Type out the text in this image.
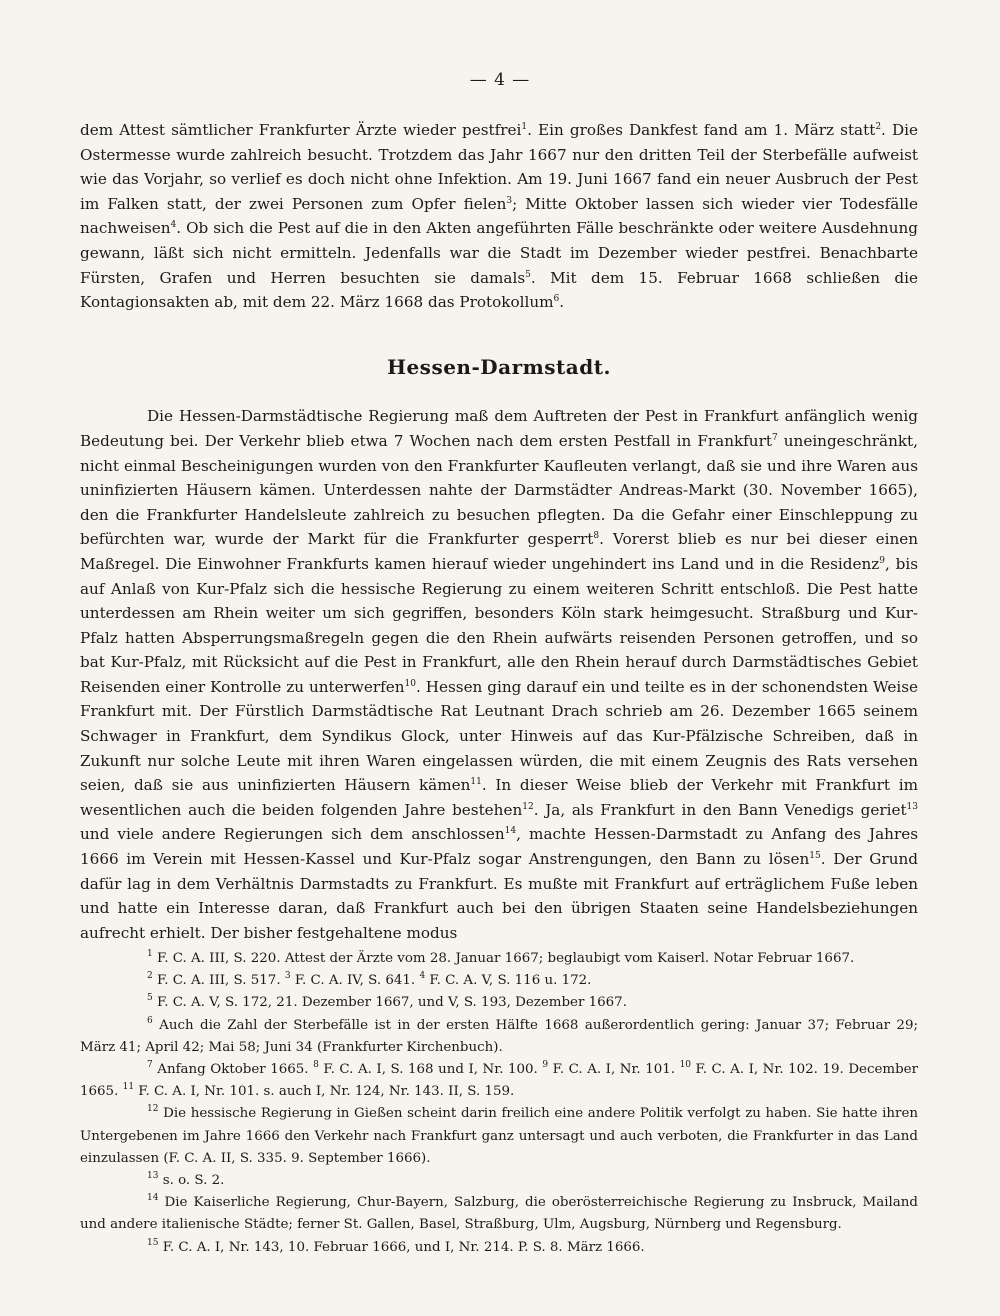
— 4 —

dem Attest sämtlicher Frankfurter Ärzte wieder pestfrei$^1$. Ein großes Dankfest fand am 1. März statt$^2$. Die Ostermesse wurde zahlreich besucht. Trotzdem das Jahr 1667 nur den dritten Teil der Sterbefälle aufweist wie das Vorjahr, so verlief es doch nicht ohne Infektion. Am 19. Juni 1667 fand ein neuer Ausbruch der Pest im Falken statt, der zwei Personen zum Opfer fielen$^3$; Mitte Oktober lassen sich wieder vier Todesfälle nachweisen$^4$. Ob sich die Pest auf die in den Akten angeführten Fälle beschränkte oder weitere Ausdehnung gewann, läßt sich nicht ermitteln. Jedenfalls war die Stadt im Dezember wieder pestfrei. Benachbarte Fürsten, Grafen und Herren besuchten sie damals$^5$. Mit dem 15. Februar 1668 schließen die Kontagionsakten ab, mit dem 22. März 1668 das Protokollum$^6$.

Hessen-Darmstadt.

Die Hessen-Darmstädtische Regierung maß dem Auftreten der Pest in Frankfurt anfänglich wenig Bedeutung bei. Der Verkehr blieb etwa 7 Wochen nach dem ersten Pestfall in Frankfurt$^7$ uneingeschränkt, nicht einmal Bescheinigungen wurden von den Frankfurter Kaufleuten verlangt, daß sie und ihre Waren aus uninfizierten Häusern kämen. Unterdessen nahte der Darmstädter Andreas-Markt (30. November 1665), den die Frankfurter Handelsleute zahlreich zu besuchen pflegten. Da die Gefahr einer Einschleppung zu befürchten war, wurde der Markt für die Frankfurter gesperrt$^8$. Vorerst blieb es nur bei dieser einen Maßregel. Die Einwohner Frankfurts kamen hierauf wieder ungehindert ins Land und in die Residenz$^9$, bis auf Anlaß von Kur-Pfalz sich die hessische Regierung zu einem weiteren Schritt entschloß. Die Pest hatte unterdessen am Rhein weiter um sich gegriffen, besonders Köln stark heimgesucht. Straßburg und Kur-Pfalz hatten Absperrungsmaßregeln gegen die den Rhein aufwärts reisenden Personen getroffen, und so bat Kur-Pfalz, mit Rücksicht auf die Pest in Frankfurt, alle den Rhein herauf durch Darmstädtisches Gebiet Reisenden einer Kontrolle zu unterwerfen$^{10}$. Hessen ging darauf ein und teilte es in der schonendsten Weise Frankfurt mit. Der Fürstlich Darmstädtische Rat Leutnant Drach schrieb am 26. Dezember 1665 seinem Schwager in Frankfurt, dem Syndikus Glock, unter Hinweis auf das Kur-Pfälzische Schreiben, daß in Zukunft nur solche Leute mit ihren Waren eingelassen würden, die mit einem Zeugnis des Rats versehen seien, daß sie aus uninfizierten Häusern kämen$^{11}$. In dieser Weise blieb der Verkehr mit Frankfurt im wesentlichen auch die beiden folgenden Jahre bestehen$^{12}$. Ja, als Frankfurt in den Bann Venedigs geriet$^{13}$ und viele andere Regierungen sich dem anschlossen$^{14}$, machte Hessen-Darmstadt zu Anfang des Jahres 1666 im Verein mit Hessen-Kassel und Kur-Pfalz sogar Anstrengungen, den Bann zu lösen$^{15}$. Der Grund dafür lag in dem Verhältnis Darmstadts zu Frankfurt. Es mußte mit Frankfurt auf erträglichem Fuße leben und hatte ein Interesse daran, daß Frankfurt auch bei den übrigen Staaten seine Handelsbeziehungen aufrecht erhielt. Der bisher festgehaltene modus

$^1$ F. C. A. III, S. 220. Attest der Ärzte vom 28. Januar 1667; beglaubigt vom Kaiserl. Notar Februar 1667.

$^2$ F. C. A. III, S. 517. $^3$ F. C. A. IV, S. 641. $^4$ F. C. A. V, S. 116 u. 172.

$^5$ F. C. A. V, S. 172, 21. Dezember 1667, und V, S. 193, Dezember 1667.

$^6$ Auch die Zahl der Sterbefälle ist in der ersten Hälfte 1668 außerordentlich gering: Januar 37; Februar 29; März 41; April 42; Mai 58; Juni 34 (Frankfurter Kirchenbuch).

$^7$ Anfang Oktober 1665. $^8$ F. C. A. I, S. 168 und I, Nr. 100. $^9$ F. C. A. I, Nr. 101. $^{10}$ F. C. A. I, Nr. 102. 19. December 1665. $^{11}$ F. C. A. I, Nr. 101. s. auch I, Nr. 124, Nr. 143. II, S. 159.

$^{12}$ Die hessische Regierung in Gießen scheint darin freilich eine andere Politik verfolgt zu haben. Sie hatte ihren Untergebenen im Jahre 1666 den Verkehr nach Frankfurt ganz untersagt und auch verboten, die Frankfurter in das Land einzulassen (F. C. A. II, S. 335. 9. September 1666).

$^{13}$ s. o. S. 2.

$^{14}$ Die Kaiserliche Regierung, Chur-Bayern, Salzburg, die oberösterreichische Regierung zu Insbruck, Mailand und andere italienische Städte; ferner St. Gallen, Basel, Straßburg, Ulm, Augsburg, Nürnberg und Regensburg.

$^{15}$ F. C. A. I, Nr. 143, 10. Februar 1666, und I, Nr. 214. P. S. 8. März 1666.
